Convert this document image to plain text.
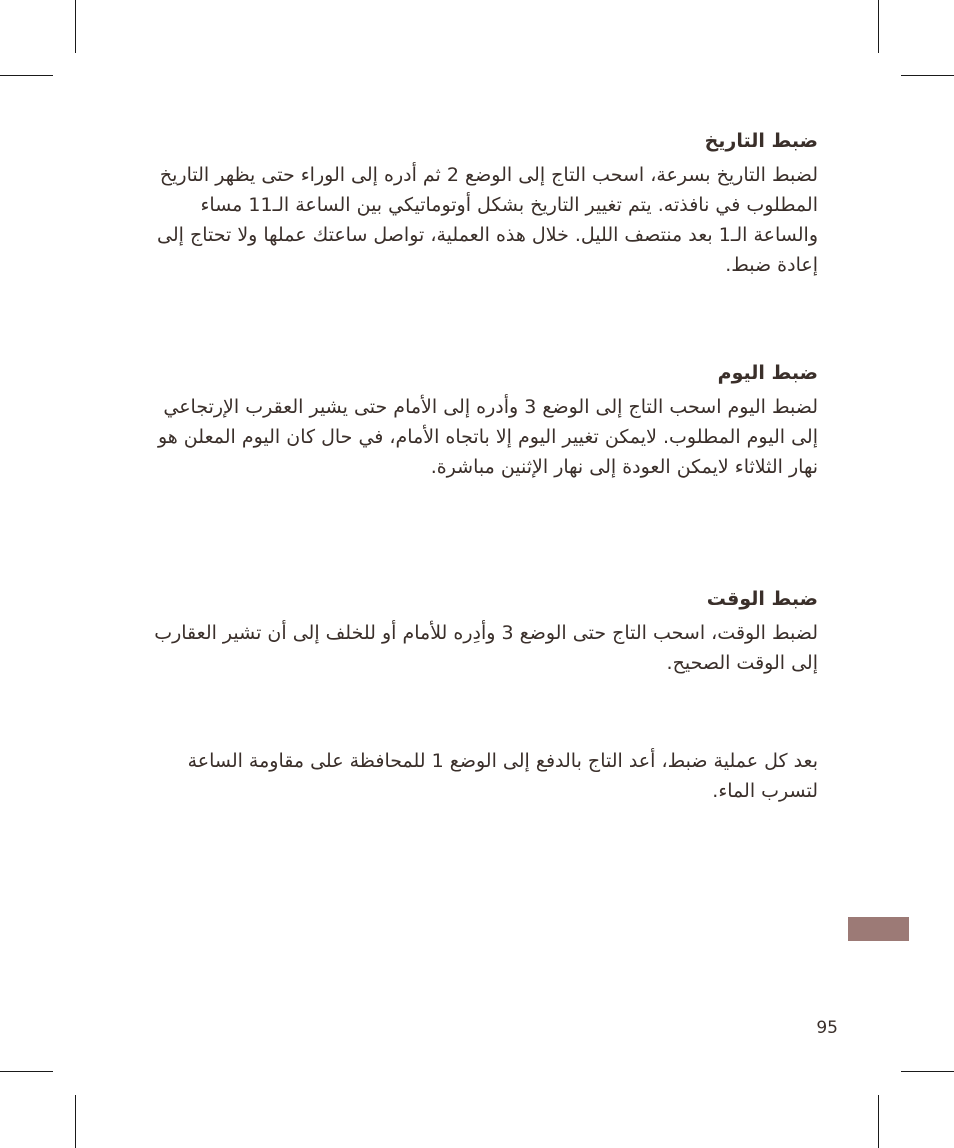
ضبط التاريخ

لضبط التاريخ بسرعة، اسحب التاج إلى الوضع 2 ثم أدره إلى الوراء حتى يظهر التاريخ المطلوب في نافذته. يتم تغيير التاريخ بشكل أوتوماتيكي بين الساعة الـ11 مساء والساعة الـ1 بعد منتصف الليل. خلال هذه العملية، تواصل ساعتك عملها ولا تحتاج إلى إعادة ضبط.

ضبط اليوم

لضبط اليوم اسحب التاج إلى الوضع 3 وأدره إلى الأمام حتى يشير العقرب الإرتجاعي إلى اليوم المطلوب. لايمكن تغيير اليوم إلا باتجاه الأمام، في حال كان اليوم المعلن هو نهار الثلاثاء لايمكن العودة إلى نهار الإثنين مباشرة.

ضبط الوقت

لضبط الوقت، اسحب التاج حتى الوضع 3 وأدِره للأمام أو للخلف إلى أن تشير العقارب إلى الوقت الصحيح.

بعد كل عملية ضبط، أعد التاج بالدفع إلى الوضع 1 للمحافظة على مقاومة الساعة لتسرب الماء.

95
